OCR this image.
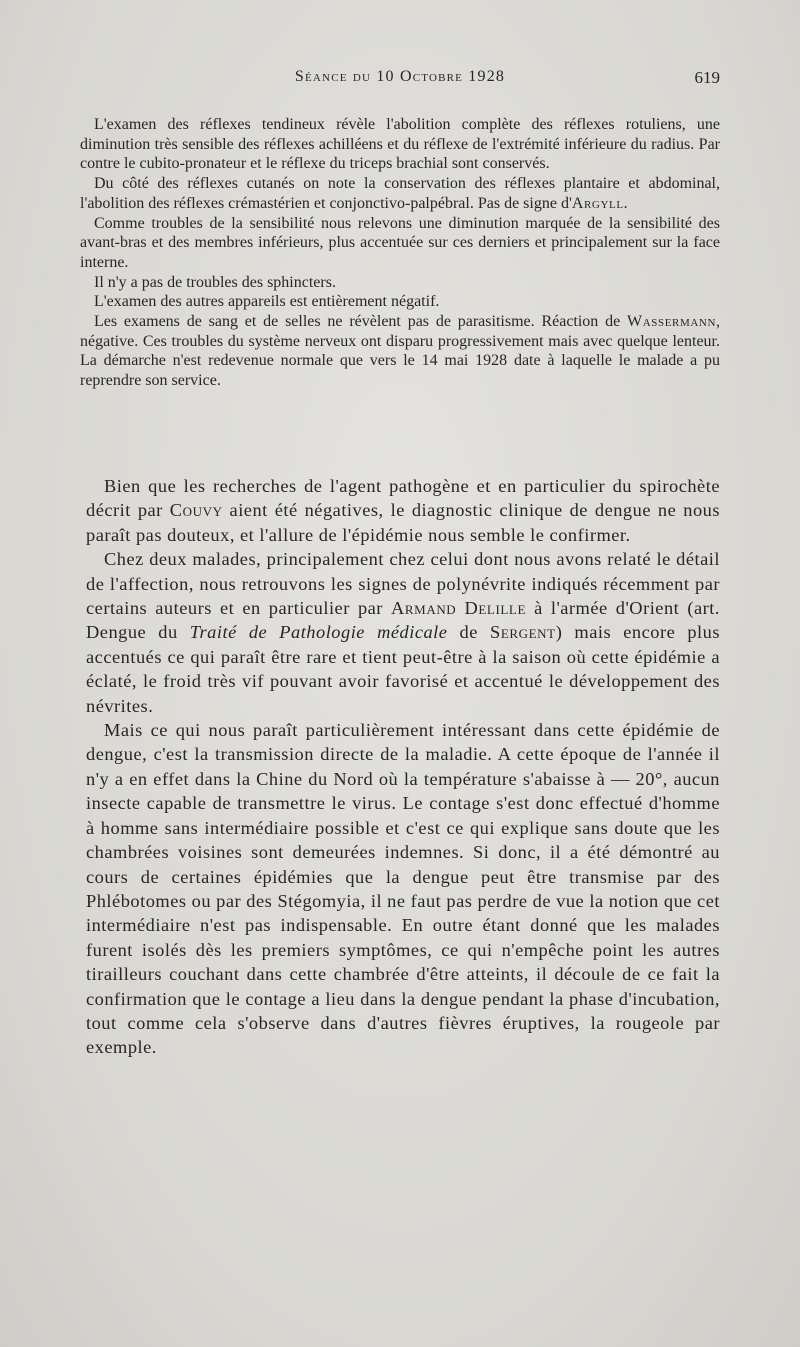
Séance du 10 Octobre 1928	619

L'examen des réflexes tendineux révèle l'abolition complète des réflexes rotuliens, une diminution très sensible des réflexes achilléens et du réflexe de l'extrémité inférieure du radius. Par contre le cubito-pronateur et le réflexe du triceps brachial sont conservés.

Du côté des réflexes cutanés on note la conservation des réflexes plantaire et abdominal, l'abolition des réflexes crémastérien et conjonctivo-palpébral. Pas de signe d'Argyll.

Comme troubles de la sensibilité nous relevons une diminution marquée de la sensibilité des avant-bras et des membres inférieurs, plus accentuée sur ces derniers et principalement sur la face interne.

Il n'y a pas de troubles des sphincters.

L'examen des autres appareils est entièrement négatif.

Les examens de sang et de selles ne révèlent pas de parasitisme. Réaction de Wassermann, négative. Ces troubles du système nerveux ont disparu progressivement mais avec quelque lenteur. La démarche n'est redevenue normale que vers le 14 mai 1928 date à laquelle le malade a pu reprendre son service.

Bien que les recherches de l'agent pathogène et en particulier du spirochète décrit par Couvy aient été négatives, le diagnostic clinique de dengue ne nous paraît pas douteux, et l'allure de l'épidémie nous semble le confirmer.

Chez deux malades, principalement chez celui dont nous avons relaté le détail de l'affection, nous retrouvons les signes de polynévrite indiqués récemment par certains auteurs et en particulier par Armand Delille à l'armée d'Orient (art. Dengue du Traité de Pathologie médicale de Sergent) mais encore plus accentués ce qui paraît être rare et tient peut-être à la saison où cette épidémie a éclaté, le froid très vif pouvant avoir favorisé et accentué le développement des névrites.

Mais ce qui nous paraît particulièrement intéressant dans cette épidémie de dengue, c'est la transmission directe de la maladie. A cette époque de l'année il n'y a en effet dans la Chine du Nord où la température s'abaisse à — 20°, aucun insecte capable de transmettre le virus. Le contage s'est donc effectué d'homme à homme sans intermédiaire possible et c'est ce qui explique sans doute que les chambrées voisines sont demeurées indemnes. Si donc, il a été démontré au cours de certaines épidémies que la dengue peut être transmise par des Phlébotomes ou par des Stégomyia, il ne faut pas perdre de vue la notion que cet intermédiaire n'est pas indispensable. En outre étant donné que les malades furent isolés dès les premiers symptômes, ce qui n'empêche point les autres tirailleurs couchant dans cette chambrée d'être atteints, il découle de ce fait la confirmation que le contage a lieu dans la dengue pendant la phase d'incubation, tout comme cela s'observe dans d'autres fièvres éruptives, la rougeole par exemple.
